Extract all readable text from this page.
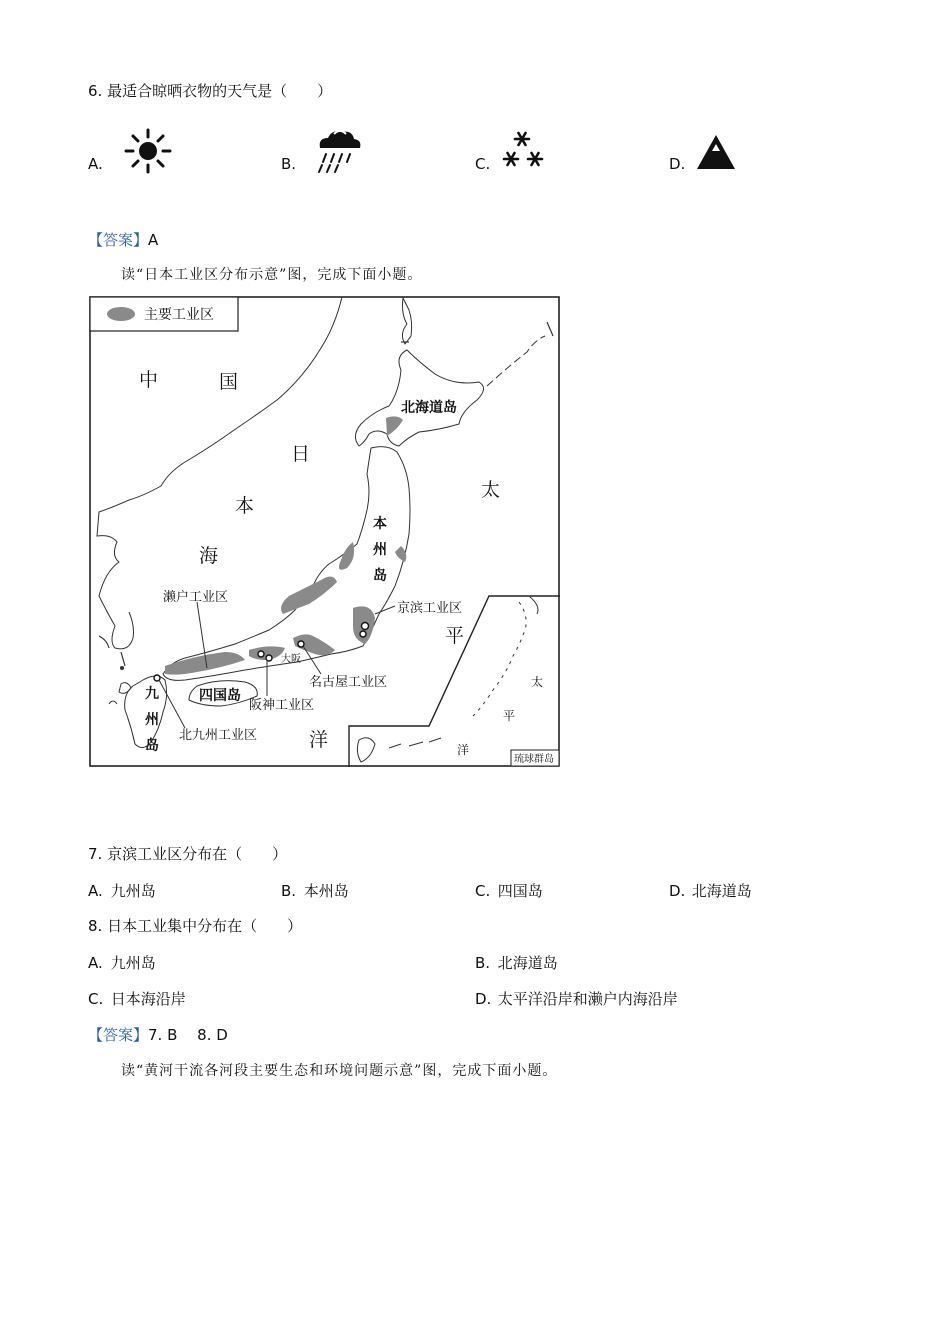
6. 最适合晾晒衣物的天气是（　　）
A.	B.	C.	D.
【答案】A
读“日本工业区分布示意”图，完成下面小题。
主要工业区
中	国
日
本
海
太
平
洋
北海道岛
本
州
岛
京滨工业区
濑户工业区
名古屋工业区
阪神工业区
四国岛
九
州
岛
北九州工业区
大阪
太
平
洋
琉球群岛
7. 京滨工业区分布在（　　）
A. 九州岛	B. 本州岛	C. 四国岛	D. 北海道岛
8. 日本工业集中分布在（　　）
A. 九州岛	B. 北海道岛
C. 日本海沿岸	D. 太平洋沿岸和濑户内海沿岸
【答案】7. B　 8. D
读“黄河干流各河段主要生态和环境问题示意”图，完成下面小题。
